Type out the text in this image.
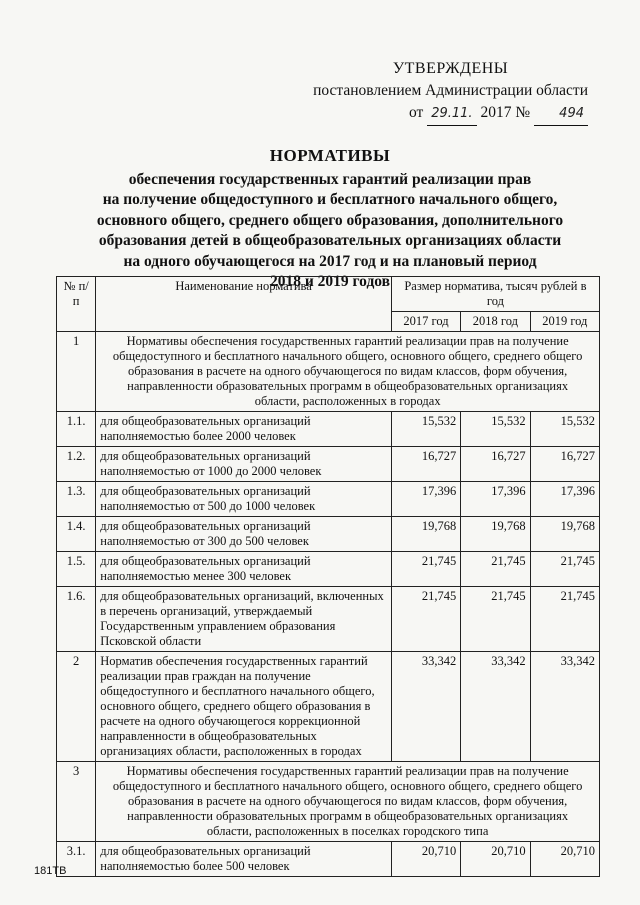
УТВЕРЖДЕНЫ
постановлением Администрации области
от 29.11. 2017 № 494
НОРМАТИВЫ
обеспечения государственных гарантий реализации прав
на получение общедоступного и бесплатного начального общего,
основного общего, среднего общего образования, дополнительного
образования детей в общеобразовательных организациях области
на одного обучающегося на 2017 год и на плановый период
2018 и 2019 годов
№ п/п	Наименование норматива	Размер норматива, тысяч рублей в год		
		2017 год	2018 год	2019 год
1	Нормативы обеспечения государственных гарантий реализации прав на получение общедоступного и бесплатного начального общего, основного общего, среднего общего образования в расчете на одного обучающегося по видам классов, форм обучения, направленности образовательных программ в общеобразовательных организациях области, расположенных в городах			
1.1.	для общеобразовательных организаций наполняемостью более 2000 человек	15,532	15,532	15,532
1.2.	для общеобразовательных организаций наполняемостью от 1000 до 2000 человек	16,727	16,727	16,727
1.3.	для общеобразовательных организаций наполняемостью от 500 до 1000 человек	17,396	17,396	17,396
1.4.	для общеобразовательных организаций наполняемостью от 300 до 500 человек	19,768	19,768	19,768
1.5.	для общеобразовательных организаций наполняемостью менее 300 человек	21,745	21,745	21,745
1.6.	для общеобразовательных организаций, включенных в перечень организаций, утверждаемый Государственным управлением образования Псковской области	21,745	21,745	21,745
2	Норматив обеспечения государственных гарантий реализации прав граждан на получение общедоступного и бесплатного начального общего, основного общего, среднего общего образования в расчете на одного обучающегося коррекционной направленности в общеобразовательных организациях области, расположенных в городах	33,342	33,342	33,342
3	Нормативы обеспечения государственных гарантий реализации прав на получение общедоступного и бесплатного начального общего, основного общего, среднего общего образования в расчете на одного обучающегося по видам классов, форм обучения, направленности образовательных программ в общеобразовательных организациях области, расположенных в поселках городского типа			
3.1.	для общеобразовательных организаций наполняемостью более 500 человек	20,710	20,710	20,710
181ТВ
